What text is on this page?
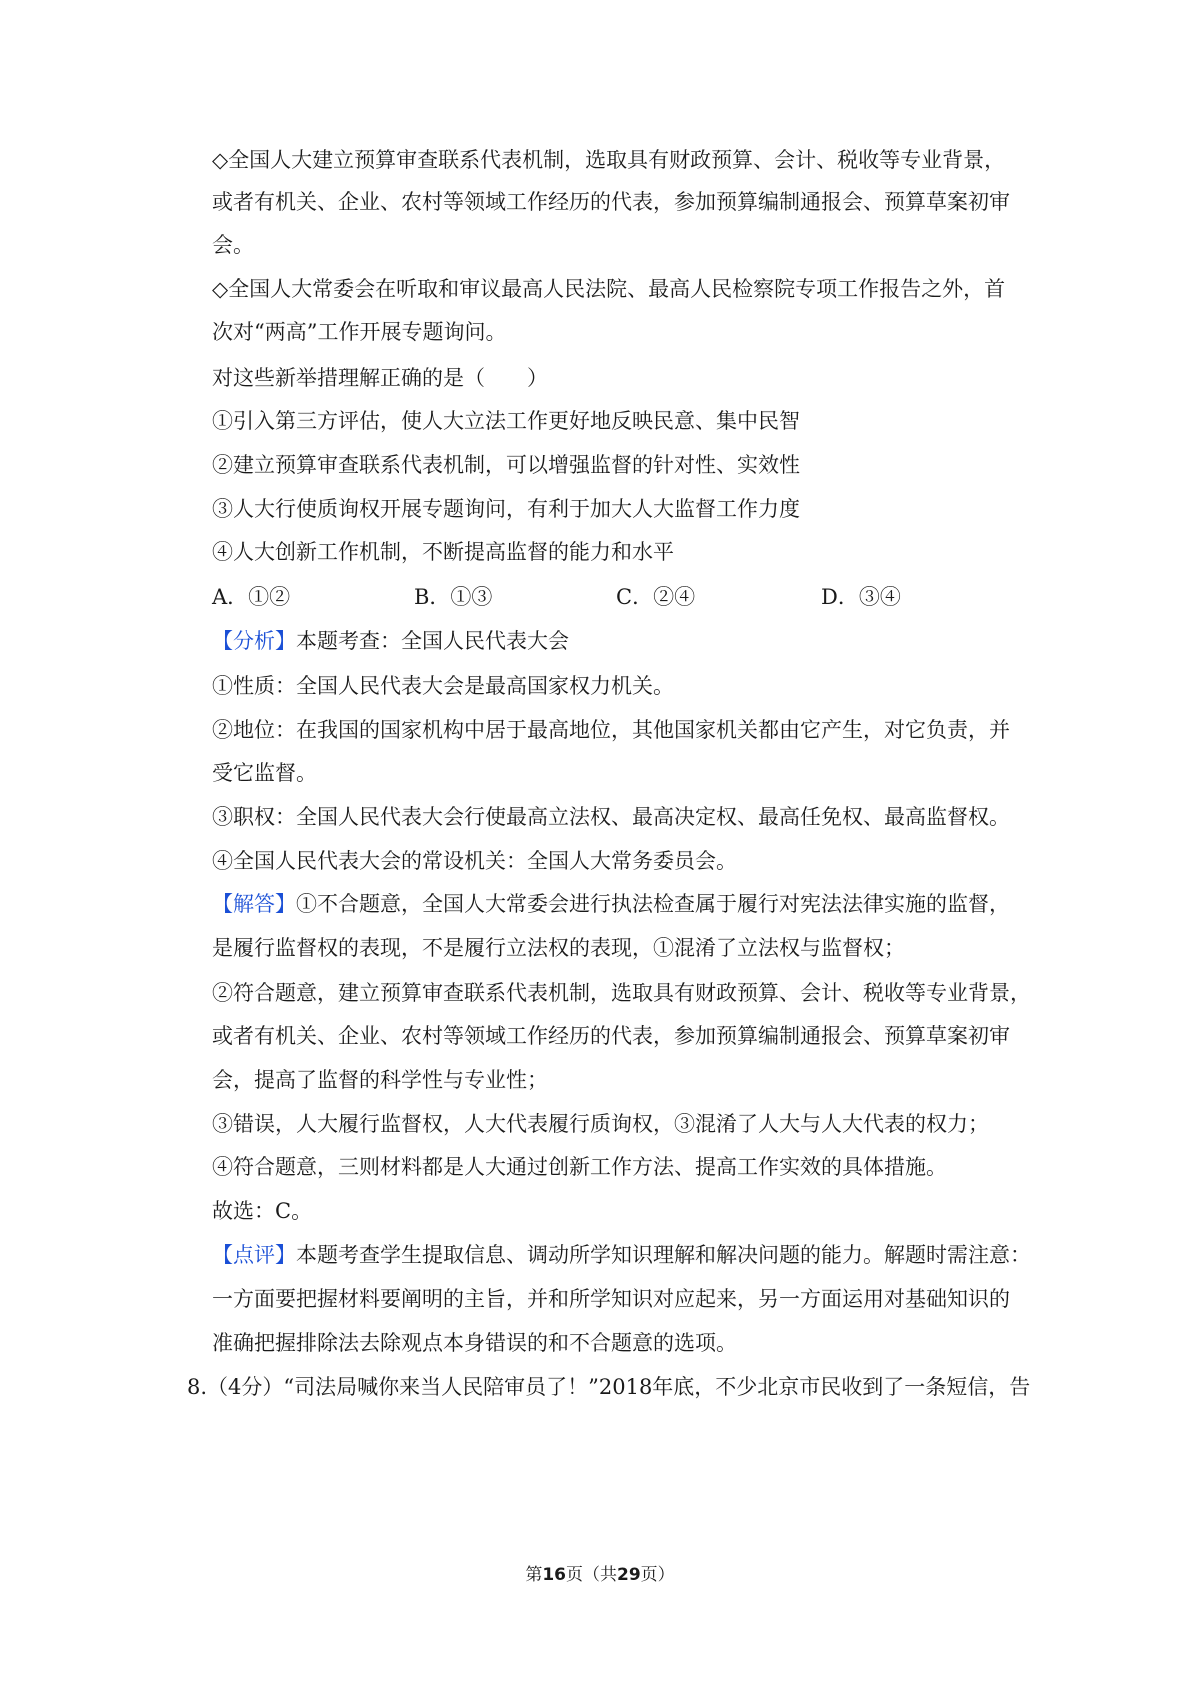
◇全国人大建立预算审查联系代表机制，选取具有财政预算、会计、税收等专业背景，
或者有机关、企业、农村等领域工作经历的代表，参加预算编制通报会、预算草案初审
会。
◇全国人大常委会在听取和审议最高人民法院、最高人民检察院专项工作报告之外，首
次对“两高”工作开展专题询问。
对这些新举措理解正确的是（　　）
①引入第三方评估，使人大立法工作更好地反映民意、集中民智
②建立预算审查联系代表机制，可以增强监督的针对性、实效性
③人大行使质询权开展专题询问，有利于加大人大监督工作力度
④人大创新工作机制，不断提高监督的能力和水平
A．①②	B．①③	C．②④	D．③④
【分析】本题考查：全国人民代表大会
①性质：全国人民代表大会是最高国家权力机关。
②地位：在我国的国家机构中居于最高地位，其他国家机关都由它产生，对它负责，并
受它监督。
③职权：全国人民代表大会行使最高立法权、最高决定权、最高任免权、最高监督权。
④全国人民代表大会的常设机关：全国人大常务委员会。
【解答】①不合题意，全国人大常委会进行执法检查属于履行对宪法法律实施的监督，
是履行监督权的表现，不是履行立法权的表现，①混淆了立法权与监督权；
②符合题意，建立预算审查联系代表机制，选取具有财政预算、会计、税收等专业背景，
或者有机关、企业、农村等领域工作经历的代表，参加预算编制通报会、预算草案初审
会，提高了监督的科学性与专业性；
③错误，人大履行监督权，人大代表履行质询权，③混淆了人大与人大代表的权力；
④符合题意，三则材料都是人大通过创新工作方法、提高工作实效的具体措施。
故选：C。
【点评】本题考查学生提取信息、调动所学知识理解和解决问题的能力。解题时需注意：
一方面要把握材料要阐明的主旨，并和所学知识对应起来，另一方面运用对基础知识的
准确把握排除法去除观点本身错误的和不合题意的选项。
8.（4分）“司法局喊你来当人民陪审员了！”2018年底，不少北京市民收到了一条短信，告
第16页（共29页）
